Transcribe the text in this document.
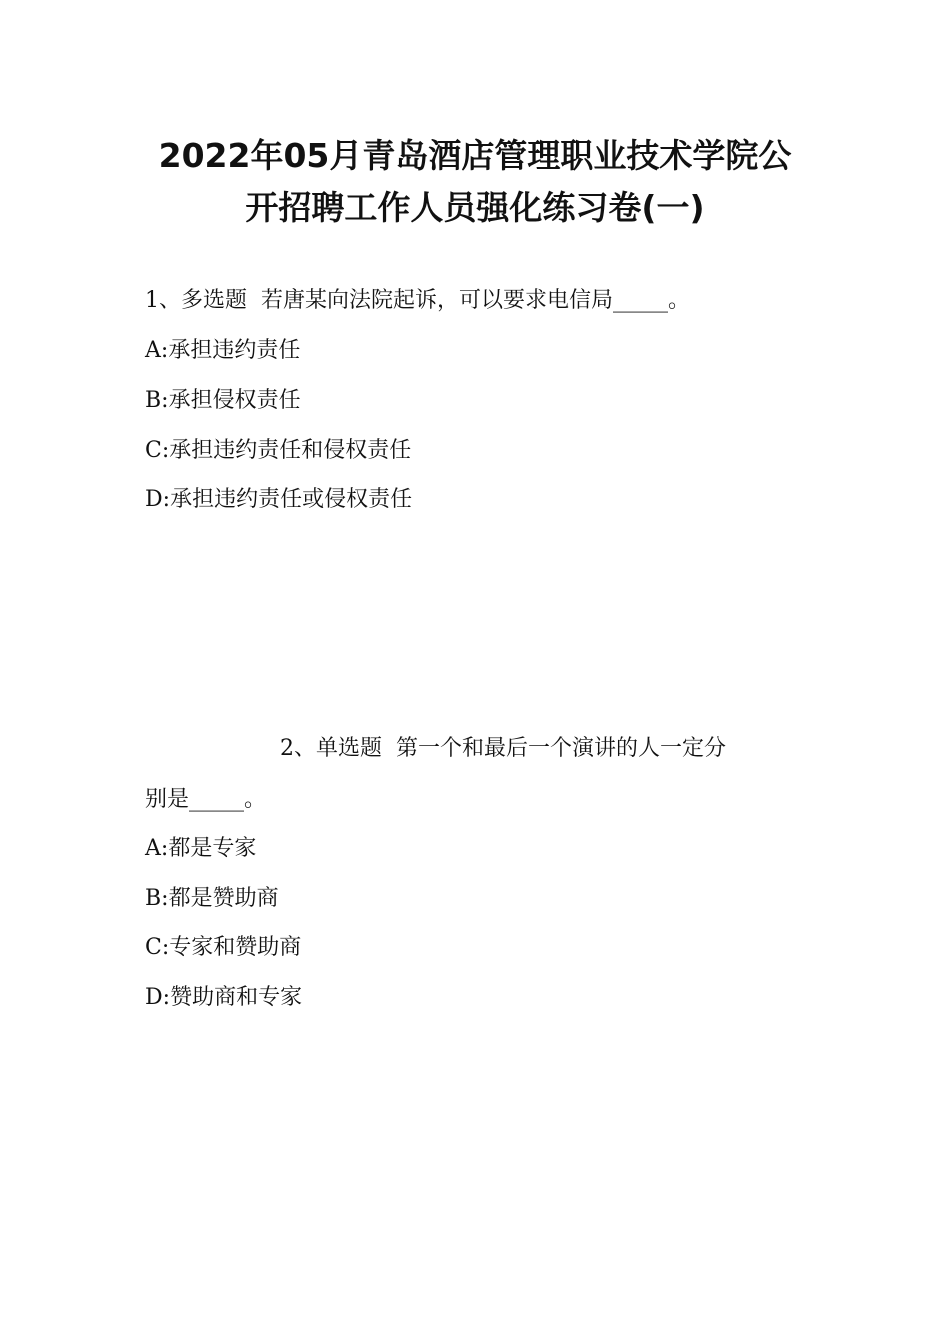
2022年05月青岛酒店管理职业技术学院公
开招聘工作人员强化练习卷(一)
1、多选题 若唐某向法院起诉，可以要求电信局_____。
A:承担违约责任
B:承担侵权责任
C:承担违约责任和侵权责任
D:承担违约责任或侵权责任
2、单选题 第一个和最后一个演讲的人一定分
别是_____。
A:都是专家
B:都是赞助商
C:专家和赞助商
D:赞助商和专家
